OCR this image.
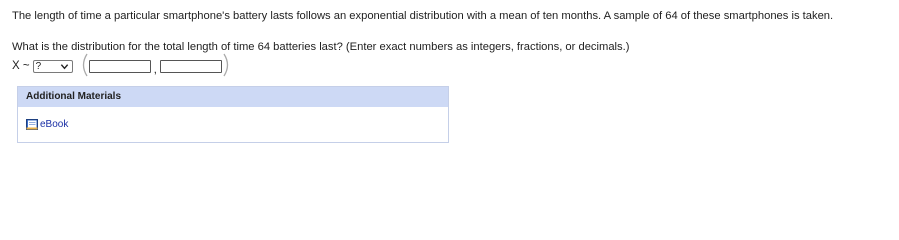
The length of time a particular smartphone's battery lasts follows an exponential distribution with a mean of ten months. A sample of 64 of these smartphones is taken.
What is the distribution for the total length of time 64 batteries last? (Enter exact numbers as integers, fractions, or decimals.)
X ~ ?	,
Additional Materials
eBook
